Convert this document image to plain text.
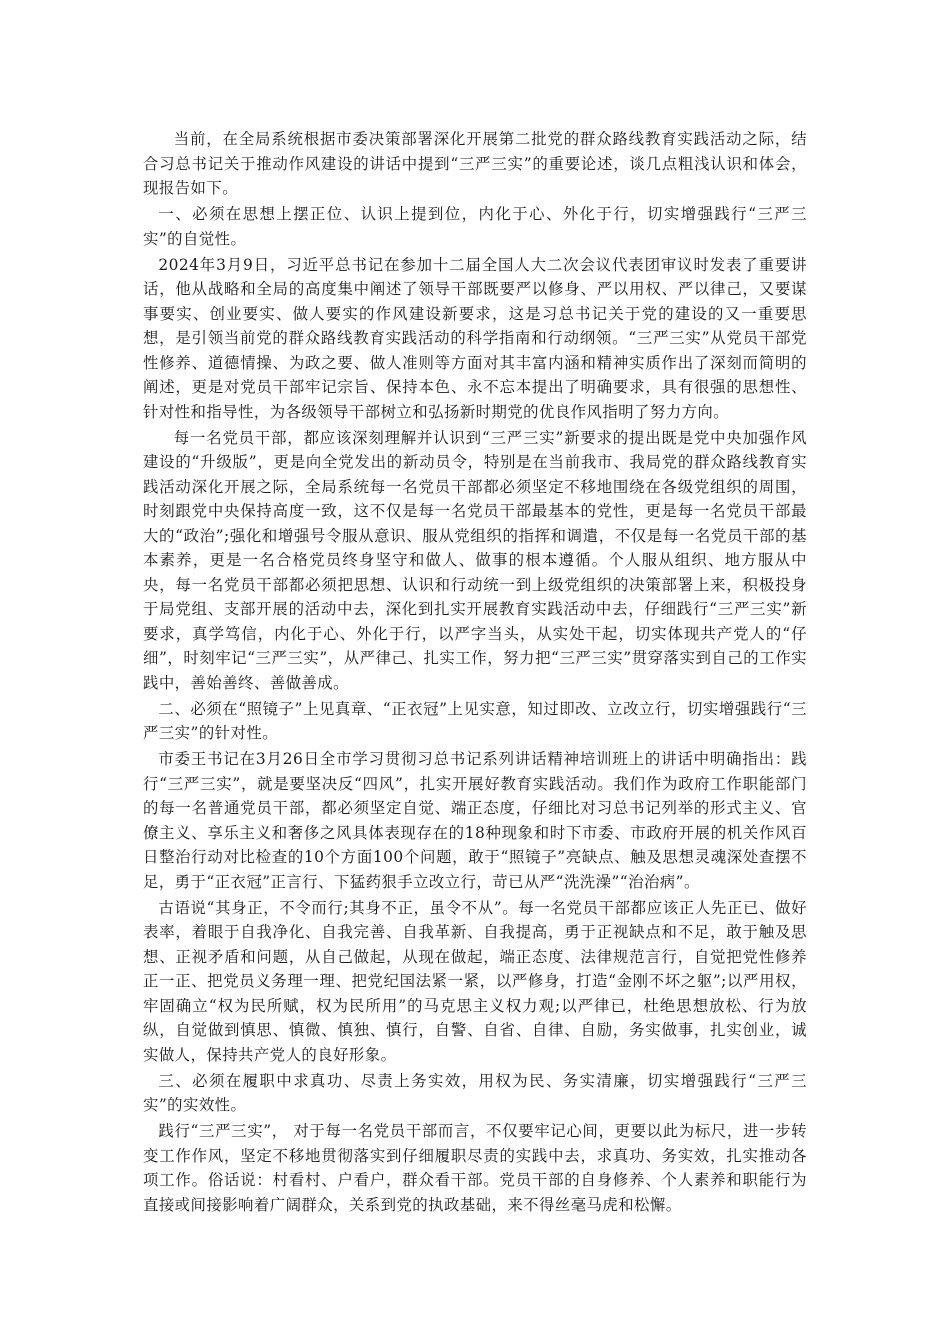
当前，在全局系统根据市委决策部署深化开展第二批党的群众路线教育实践活动之际，结合习总书记关于推动作风建设的讲话中提到“三严三实”的重要论述，谈几点粗浅认识和体会，现报告如下。

一、必须在思想上摆正位、认识上提到位，内化于心、外化于行，切实增强践行“三严三实”的自觉性。

2024年3月9日，习近平总书记在参加十二届全国人大二次会议代表团审议时发表了重要讲话，他从战略和全局的高度集中阐述了领导干部既要严以修身、严以用权、严以律己，又要谋事要实、创业要实、做人要实的作风建设新要求，这是习总书记关于党的建设的又一重要思想，是引领当前党的群众路线教育实践活动的科学指南和行动纲领。“三严三实”从党员干部党性修养、道德情操、为政之要、做人准则等方面对其丰富内涵和精神实质作出了深刻而简明的阐述，更是对党员干部牢记宗旨、保持本色、永不忘本提出了明确要求，具有很强的思想性、针对性和指导性，为各级领导干部树立和弘扬新时期党的优良作风指明了努力方向。

每一名党员干部，都应该深刻理解并认识到“三严三实”新要求的提出既是党中央加强作风建设的“升级版”，更是向全党发出的新动员令，特别是在当前我市、我局党的群众路线教育实践活动深化开展之际，全局系统每一名党员干部都必须坚定不移地围绕在各级党组织的周围，时刻跟党中央保持高度一致，这不仅是每一名党员干部最基本的党性，更是每一名党员干部最大的“政治”;强化和增强号令服从意识、服从党组织的指挥和调遣，不仅是每一名党员干部的基本素养，更是一名合格党员终身坚守和做人、做事的根本遵循。个人服从组织、地方服从中央，每一名党员干部都必须把思想、认识和行动统一到上级党组织的决策部署上来，积极投身于局党组、支部开展的活动中去，深化到扎实开展教育实践活动中去，仔细践行“三严三实”新要求，真学笃信，内化于心、外化于行，以严字当头，从实处干起，切实体现共产党人的“仔细”，时刻牢记“三严三实”，从严律己、扎实工作，努力把“三严三实”贯穿落实到自己的工作实践中，善始善终、善做善成。

二、必须在“照镜子”上见真章、“正衣冠”上见实意，知过即改、立改立行，切实增强践行“三严三实”的针对性。

市委王书记在3月26日全市学习贯彻习总书记系列讲话精神培训班上的讲话中明确指出：践行“三严三实”，就是要坚决反“四风”，扎实开展好教育实践活动。我们作为政府工作职能部门的每一名普通党员干部，都必须坚定自觉、端正态度，仔细比对习总书记列举的形式主义、官僚主义、享乐主义和奢侈之风具体表现存在的18种现象和时下市委、市政府开展的机关作风百日整治行动对比检查的10个方面100个问题，敢于“照镜子”亮缺点、触及思想灵魂深处查摆不足，勇于“正衣冠”正言行、下猛药狠手立改立行，苛已从严“洗洗澡”“治治病”。

古语说“其身正，不令而行;其身不正，虽令不从”。每一名党员干部都应该正人先正已、做好表率，着眼于自我净化、自我完善、自我革新、自我提高，勇于正视缺点和不足，敢于触及思想、正视矛盾和问题，从自己做起，从现在做起，端正态度、法律规范言行，自觉把党性修养正一正、把党员义务理一理、把党纪国法紧一紧，以严修身，打造“金刚不坏之躯”;以严用权，牢固确立“权为民所赋，权为民所用”的马克思主义权力观;以严律已，杜绝思想放松、行为放纵，自觉做到慎思、慎微、慎独、慎行，自警、自省、自律、自励，务实做事，扎实创业，诚实做人，保持共产党人的良好形象。

三、必须在履职中求真功、尽责上务实效，用权为民、务实清廉，切实增强践行“三严三实”的实效性。

践行“三严三实”， 对于每一名党员干部而言，不仅要牢记心间，更要以此为标尺，进一步转变工作作风，坚定不移地贯彻落实到仔细履职尽责的实践中去，求真功、务实效，扎实推动各项工作。俗话说：村看村、户看户，群众看干部。党员干部的自身修养、个人素养和职能行为直接或间接影响着广阔群众，关系到党的执政基础，来不得丝毫马虎和松懈。
